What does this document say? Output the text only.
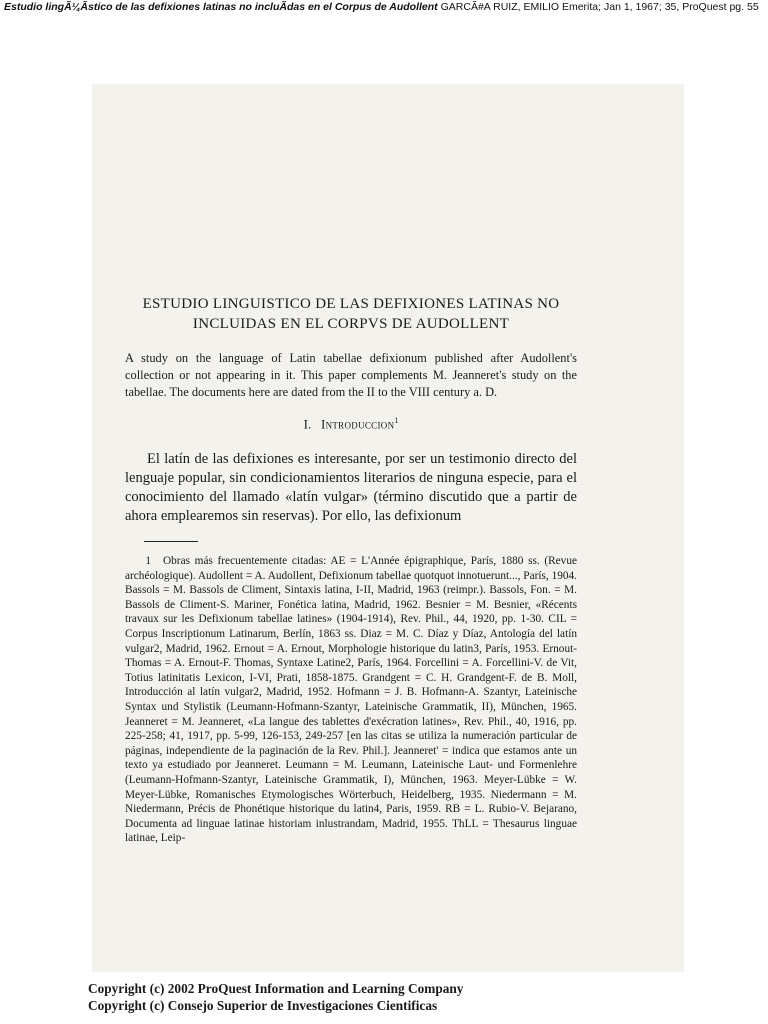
Estudio lingÃ¼Ãstico de las defixiones latinas no incluÃdas en el Corpus de Audollent GARCÃ#A RUIZ, EMILIO Emerita; Jan 1, 1967; 35, ProQuest pg. 55
ESTUDIO LINGUISTICO DE LAS DEFIXIONES LATINAS NO
INCLUIDAS EN EL CORPVS DE AUDOLLENT
A study on the language of Latin tabellae defixionum published after Audollent's collection or not appearing in it. This paper complements M. Jeanneret's study on the tabellae. The documents here are dated from the II to the VIII century a. D.
I. Introduccion$^1$
El latín de las defixiones es interesante, por ser un testimonio directo del lenguaje popular, sin condicionamientos literarios de ninguna especie, para el conocimiento del llamado «latín vulgar» (término discutido que a partir de ahora emplearemos sin reservas). Por ello, las defixionum
1 Obras más frecuentemente citadas: AE = L'Année épigraphique, París, 1880 ss. (Revue archéologique). Audollent = A. Audollent, Defixionum tabellae quotquot innotuerunt..., París, 1904. Bassols = M. Bassols de Climent, Sintaxis latina, I-II, Madrid, 1963 (reimpr.). Bassols, Fon. = M. Bassols de Climent-S. Mariner, Fonética latina, Madrid, 1962. Besnier = M. Besnier, «Récents travaux sur les Defixionum tabellae latines» (1904-1914), Rev. Phil., 44, 1920, pp. 1-30. CIL = Corpus Inscriptionum Latinarum, Berlín, 1863 ss. Diaz = M. C. Díaz y Díaz, Antología del latín vulgar2, Madrid, 1962. Ernout = A. Ernout, Morphologie historique du latin3, París, 1953. Ernout-Thomas = A. Ernout-F. Thomas, Syntaxe Latine2, París, 1964. Forcellini = A. Forcellini-V. de Vit, Totius latinitatis Lexicon, I-VI, Prati, 1858-1875. Grandgent = C. H. Grandgent-F. de B. Moll, Introducción al latín vulgar2, Madrid, 1952. Hofmann = J. B. Hofmann-A. Szantyr, Lateinische Syntax und Stylistik (Leumann-Hofmann-Szantyr, Lateinische Grammatik, II), München, 1965. Jeanneret = M. Jeanneret, «La langue des tablettes d'exécration latines», Rev. Phil., 40, 1916, pp. 225-258; 41, 1917, pp. 5-99, 126-153, 249-257 [en las citas se utiliza la numeración particular de páginas, independiente de la paginación de la Rev. Phil.]. Jeanneret' = indica que estamos ante un texto ya estudiado por Jeanneret. Leumann = M. Leumann, Lateinische Laut- und Formenlehre (Leumann-Hofmann-Szantyr, Lateinische Grammatik, I), München, 1963. Meyer-Lübke = W. Meyer-Lübke, Romanisches Etymologisches Wörterbuch, Heidelberg, 1935. Niedermann = M. Niedermann, Précis de Phonétique historique du latin4, Paris, 1959. RB = L. Rubio-V. Bejarano, Documenta ad linguae latinae historiam inlustrandam, Madrid, 1955. ThLL = Thesaurus linguae latinae, Leip-
Copyright (c) 2002 ProQuest Information and Learning Company
Copyright (c) Consejo Superior de Investigaciones Cientificas
